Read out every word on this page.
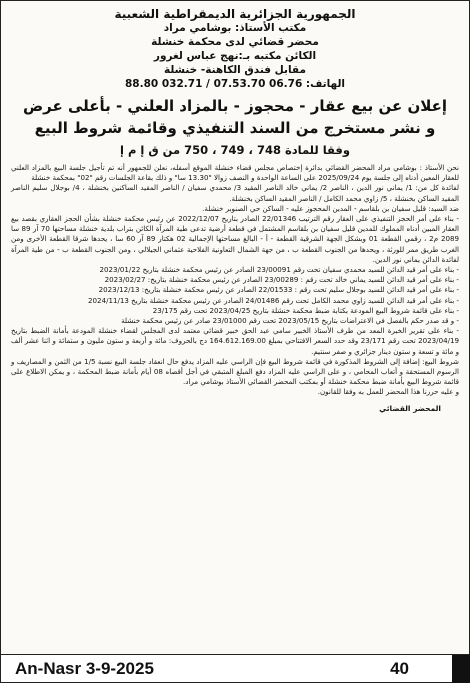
الجمهورية الجزائرية الديمقراطية الشعبية
مكتب الأستاذ: بوشامي مراد
محضر قضائي لدى محكمة خنشلة
الكائن مكتبه بـ:نهج عباس لغرور
مقابل فندق الكاهنة- خنشلة
الهاتف: 06.76 07.53.70 / 032.71 88.80
إعلان عن بيع عقار - محجوز - بالمزاد العلني - بأعلى عرض
و نشر مستخرج من السند التنفيذي وقائمة شروط البيع
وفقا للمادة 748 ، 749 ، 750 من ق إ م إ

نحن الأستاذ : بوشامي مراد المحضر القضائي بدائرة إختصاص مجلس قضاء خنشلة الموقع أسفله، نعلن للجمهور أنه تم تأجيل جلسة البيع بالمزاد العلني للعقار المعين أدناه إلى جلسة يوم 2025/09/24 على الساعة الواحدة و النصف زوالا "13.30 سا" و ذلك بقاعة الجلسات رقم "02" بمحكمة خنشلة

لفائدة كل من: 1/ يماني نور الدين ، الناصر 2/ يماني خالد الناصر المقيد 3/ محمدي سفيان / الناصر المقيد الساكنين بخنشلة ، 4/ بوجلال سليم الناصر المقيد الساكن بخنشلة ، 5/ زاوي محمد الكامل / الناصر المقيد الساكن بخنشلة.

ضد السيد: قليل سفيان بن بلقاسم - المدين المحجوز عليه - الساكن حي الصنوبر خنشلة.

- بناء على أمر الحجز التنفيذي على العقار رقم الترتيب 22/01346 الصادر بتاريخ 2022/12/07 عن رئيس محكمة خنشلة بشأن الحجز العقاري بقصد بيع العقار المبين أدناه المملوك للمدين قليل سفيان بن بلقاسم المشتمل في قطعة أرضية تدعى طية المرآة الكائن بتراب بلدية خنشلة مساحتها 70 آر 89 سا 2089 م2 ، رقمي القطعة 01 وبشكل الجهة الشرقية القطعة - أ - البالغ مساحتها الإجمالية 02 هكتار 89 آر 60 سا ، يحدها شرقا القطعة الأخرى ومن الغرب طريق ممر للورثة ، ويحدها من الجنوب القطعة ب ، من جهة الشمال التعاونية الفلاحية عثماني الجيلالي ، ومن الجنوب القطعة ب - من طية المرآة لفائدة الدائن يماني نور الدين.

- بناء على أمر قيد الدائن للسيد محمدي سفيان تحت رقم 23/00091 الصادر عن رئيس محكمة خنشلة بتاريخ 2023/01/22

- بناء على أمر قيد الدائن للسيد يماني خالد تحت رقم : 23/00289 الصادر عن رئيس محكمة خنشلة بتاريخ: 2023/02/27

- بناء على أمر قيد الدائن للسيد بوجلال سليم تحت رقم : 22/01533 الصادر عن رئيس محكمة خنشلة بتاريخ: 2023/12/13

- بناء على أمر قيد الدائن للسيد زاوي محمد الكامل تحت رقم 24/01486 الصادر عن رئيس محكمة خنشلة بتاريخ 2024/11/13

- بناء على قائمة شروط البيع المودعة بكتابة ضبط محكمة خنشلة بتاريخ 2023/04/25 تحت رقم 23/175

- و قد صدر حكم بالفصل في الاعتراضات بتاريخ 2023/05/15 تحت رقم 23/01000 صادر عن رئيس محكمة خنشلة

- بناء على تقرير الخبرة المعد من طرف الأستاذ الخبير سامي عبد الحق خبير قضائي معتمد لدى المجلس لقضاء خنشلة المودعة بأمانة الضبط بتاريخ 2023/04/19 تحت رقم 23/171 وقد حدد السعر الافتتاحي بمبلغ 164.612.169.00 دج بالحروف: مائة و أربعة و ستون مليون و ستمائة و اثنا عشر ألف و مائة و تسعة و ستون دينار جزائري و صفر سنتيم.

شروط البيع: إضافة إلى الشروط المذكورة في قائمة شروط البيع فإن الراسي عليه المزاد يدفع حال انعقاد جلسة البيع نسبة 1/5 من الثمن و المصاريف و الرسوم المستحقة و أتعاب المحامي ، و على الراسي عليه المزاد دفع المبلغ المتبقي في أجل أقصاه 08 أيام بأمانة ضبط المحكمة ، و يمكن الاطلاع على قائمة شروط البيع بأمانة ضبط محكمة خنشلة أو بمكتب المحضر القضائي الأستاذ بوشامي مراد.

و عليه حررنا هذا المحضر للعمل به وفقا للقانون.

المحضر القضائي
An-Nasr 3-9-2025	40
